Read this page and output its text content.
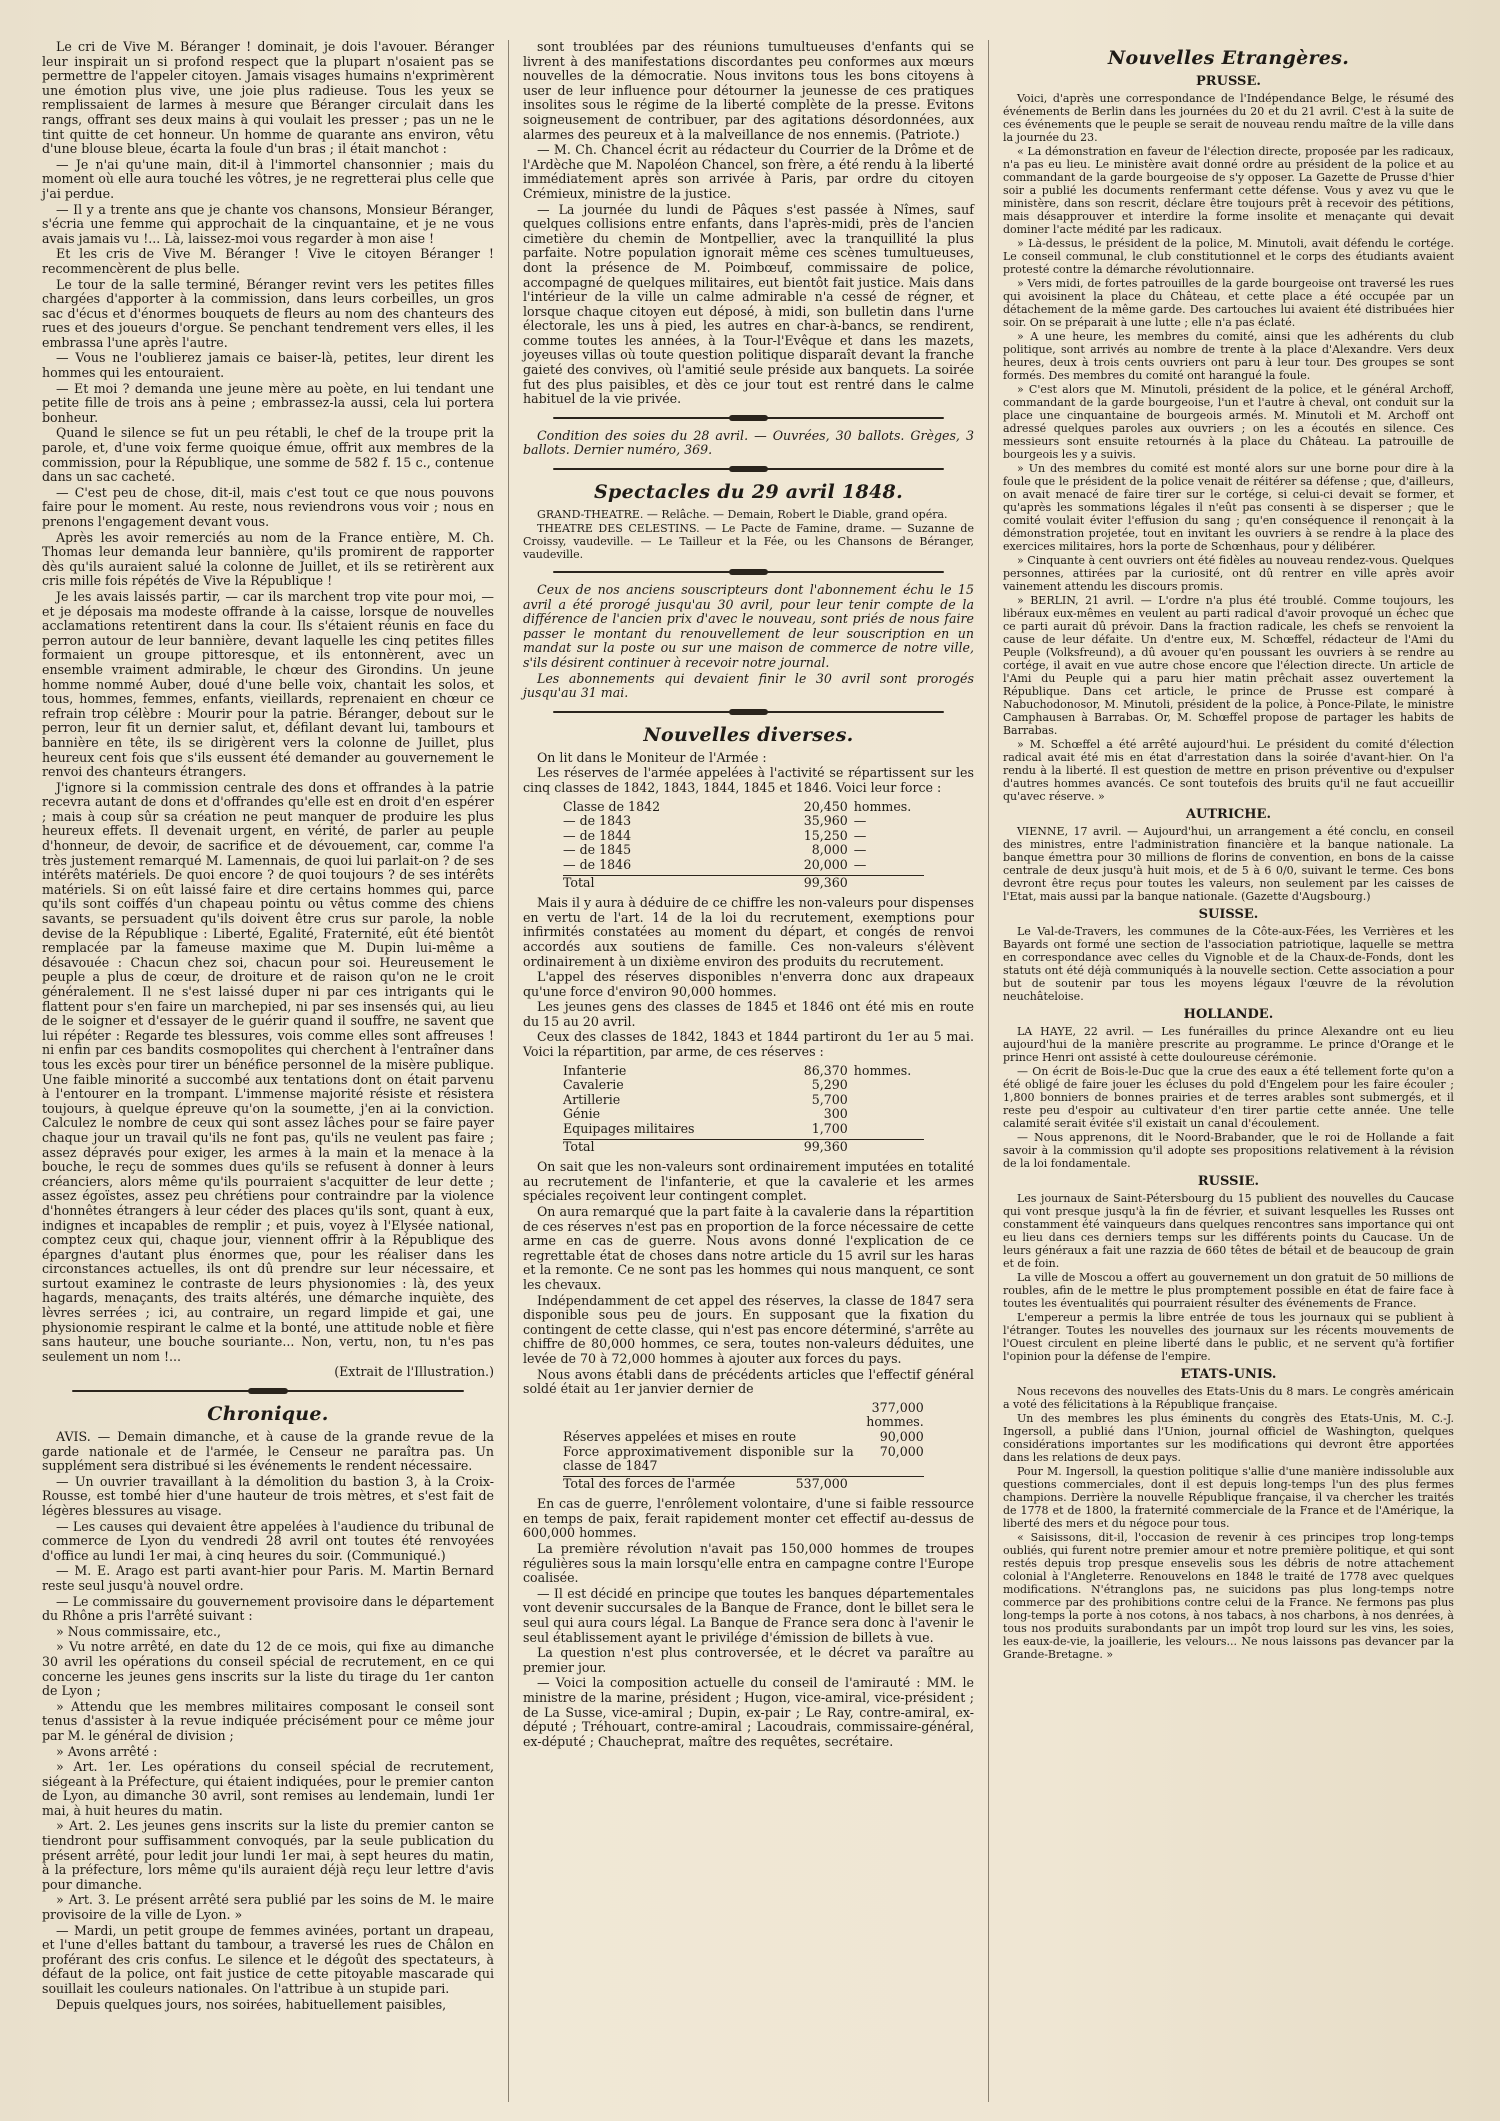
Le cri de Vive M. Béranger ! dominait, je dois l'avouer. Béranger leur inspirait un si profond respect que la plupart n'osaient pas se permettre de l'appeler citoyen. Jamais visages humains n'exprimèrent une émotion plus vive, une joie plus radieuse. Tous les yeux se remplissaient de larmes à mesure que Béranger circulait dans les rangs, offrant ses deux mains à qui voulait les presser ; pas un ne le tint quitte de cet honneur. Un homme de quarante ans environ, vêtu d'une blouse bleue, écarta la foule d'un bras ; il était manchot :

— Je n'ai qu'une main, dit-il à l'immortel chansonnier ; mais du moment où elle aura touché les vôtres, je ne regretterai plus celle que j'ai perdue.

— Il y a trente ans que je chante vos chansons, Monsieur Béranger, s'écria une femme qui approchait de la cinquantaine, et je ne vous avais jamais vu !... Là, laissez-moi vous regarder à mon aise !

Et les cris de Vive M. Béranger ! Vive le citoyen Béranger ! recommencèrent de plus belle.

Le tour de la salle terminé, Béranger revint vers les petites filles chargées d'apporter à la commission, dans leurs corbeilles, un gros sac d'écus et d'énormes bouquets de fleurs au nom des chanteurs des rues et des joueurs d'orgue. Se penchant tendrement vers elles, il les embrassa l'une après l'autre.

— Vous ne l'oublierez jamais ce baiser-là, petites, leur dirent les hommes qui les entouraient.

— Et moi ? demanda une jeune mère au poète, en lui tendant une petite fille de trois ans à peine ; embrassez-la aussi, cela lui portera bonheur.

Quand le silence se fut un peu rétabli, le chef de la troupe prit la parole, et, d'une voix ferme quoique émue, offrit aux membres de la commission, pour la République, une somme de 582 f. 15 c., contenue dans un sac cacheté.

— C'est peu de chose, dit-il, mais c'est tout ce que nous pouvons faire pour le moment. Au reste, nous reviendrons vous voir ; nous en prenons l'engagement devant vous.

Après les avoir remerciés au nom de la France entière, M. Ch. Thomas leur demanda leur bannière, qu'ils promirent de rapporter dès qu'ils auraient salué la colonne de Juillet, et ils se retirèrent aux cris mille fois répétés de Vive la République !

Je les avais laissés partir, — car ils marchent trop vite pour moi, — et je déposais ma modeste offrande à la caisse, lorsque de nouvelles acclamations retentirent dans la cour. Ils s'étaient réunis en face du perron autour de leur bannière, devant laquelle les cinq petites filles formaient un groupe pittoresque, et ils entonnèrent, avec un ensemble vraiment admirable, le chœur des Girondins. Un jeune homme nommé Auber, doué d'une belle voix, chantait les solos, et tous, hommes, femmes, enfants, vieillards, reprenaient en chœur ce refrain trop célèbre : Mourir pour la patrie. Béranger, debout sur le perron, leur fit un dernier salut, et, défilant devant lui, tambours et bannière en tête, ils se dirigèrent vers la colonne de Juillet, plus heureux cent fois que s'ils eussent été demander au gouvernement le renvoi des chanteurs étrangers.

J'ignore si la commission centrale des dons et offrandes à la patrie recevra autant de dons et d'offrandes qu'elle est en droit d'en espérer ; mais à coup sûr sa création ne peut manquer de produire les plus heureux effets. Il devenait urgent, en vérité, de parler au peuple d'honneur, de devoir, de sacrifice et de dévouement, car, comme l'a très justement remarqué M. Lamennais, de quoi lui parlait-on ? de ses intérêts matériels. De quoi encore ? de quoi toujours ? de ses intérêts matériels. Si on eût laissé faire et dire certains hommes qui, parce qu'ils sont coiffés d'un chapeau pointu ou vêtus comme des chiens savants, se persuadent qu'ils doivent être crus sur parole, la noble devise de la République : Liberté, Egalité, Fraternité, eût été bientôt remplacée par la fameuse maxime que M. Dupin lui-même a désavouée : Chacun chez soi, chacun pour soi. Heureusement le peuple a plus de cœur, de droiture et de raison qu'on ne le croit généralement. Il ne s'est laissé duper ni par ces intrigants qui le flattent pour s'en faire un marchepied, ni par ses insensés qui, au lieu de le soigner et d'essayer de le guérir quand il souffre, ne savent que lui répéter : Regarde tes blessures, vois comme elles sont affreuses ! ni enfin par ces bandits cosmopolites qui cherchent à l'entraîner dans tous les excès pour tirer un bénéfice personnel de la misère publique. Une faible minorité a succombé aux tentations dont on était parvenu à l'entourer en la trompant. L'immense majorité résiste et résistera toujours, à quelque épreuve qu'on la soumette, j'en ai la conviction. Calculez le nombre de ceux qui sont assez lâches pour se faire payer chaque jour un travail qu'ils ne font pas, qu'ils ne veulent pas faire ; assez dépravés pour exiger, les armes à la main et la menace à la bouche, le reçu de sommes dues qu'ils se refusent à donner à leurs créanciers, alors même qu'ils pourraient s'acquitter de leur dette ; assez égoïstes, assez peu chrétiens pour contraindre par la violence d'honnêtes étrangers à leur céder des places qu'ils sont, quant à eux, indignes et incapables de remplir ; et puis, voyez à l'Elysée national, comptez ceux qui, chaque jour, viennent offrir à la République des épargnes d'autant plus énormes que, pour les réaliser dans les circonstances actuelles, ils ont dû prendre sur leur nécessaire, et surtout examinez le contraste de leurs physionomies : là, des yeux hagards, menaçants, des traits altérés, une démarche inquiète, des lèvres serrées ; ici, au contraire, un regard limpide et gai, une physionomie respirant le calme et la bonté, une attitude noble et fière sans hauteur, une bouche souriante... Non, vertu, non, tu n'es pas seulement un nom !...

(Extrait de l'Illustration.)

Chronique.

AVIS. — Demain dimanche, et à cause de la grande revue de la garde nationale et de l'armée, le Censeur ne paraîtra pas. Un supplément sera distribué si les événements le rendent nécessaire.

— Un ouvrier travaillant à la démolition du bastion 3, à la Croix-Rousse, est tombé hier d'une hauteur de trois mètres, et s'est fait de légères blessures au visage.

— Les causes qui devaient être appelées à l'audience du tribunal de commerce de Lyon du vendredi 28 avril ont toutes été renvoyées d'office au lundi 1er mai, à cinq heures du soir. (Communiqué.)

— M. E. Arago est parti avant-hier pour Paris. M. Martin Bernard reste seul jusqu'à nouvel ordre.

— Le commissaire du gouvernement provisoire dans le département du Rhône a pris l'arrêté suivant :

» Nous commissaire, etc.,

» Vu notre arrêté, en date du 12 de ce mois, qui fixe au dimanche 30 avril les opérations du conseil spécial de recrutement, en ce qui concerne les jeunes gens inscrits sur la liste du tirage du 1er canton de Lyon ;

» Attendu que les membres militaires composant le conseil sont tenus d'assister à la revue indiquée précisément pour ce même jour par M. le général de division ;

» Avons arrêté :

» Art. 1er. Les opérations du conseil spécial de recrutement, siégeant à la Préfecture, qui étaient indiquées, pour le premier canton de Lyon, au dimanche 30 avril, sont remises au lendemain, lundi 1er mai, à huit heures du matin.

» Art. 2. Les jeunes gens inscrits sur la liste du premier canton se tiendront pour suffisamment convoqués, par la seule publication du présent arrêté, pour ledit jour lundi 1er mai, à sept heures du matin, à la préfecture, lors même qu'ils auraient déjà reçu leur lettre d'avis pour dimanche.

» Art. 3. Le présent arrêté sera publié par les soins de M. le maire provisoire de la ville de Lyon. »

— Mardi, un petit groupe de femmes avinées, portant un drapeau, et l'une d'elles battant du tambour, a traversé les rues de Châlon en proférant des cris confus. Le silence et le dégoût des spectateurs, à défaut de la police, ont fait justice de cette pitoyable mascarade qui souillait les couleurs nationales. On l'attribue à un stupide pari.

Depuis quelques jours, nos soirées, habituellement paisibles,

sont troublées par des réunions tumultueuses d'enfants qui se livrent à des manifestations discordantes peu conformes aux mœurs nouvelles de la démocratie. Nous invitons tous les bons citoyens à user de leur influence pour détourner la jeunesse de ces pratiques insolites sous le régime de la liberté complète de la presse. Evitons soigneusement de contribuer, par des agitations désordonnées, aux alarmes des peureux et à la malveillance de nos ennemis. (Patriote.)

— M. Ch. Chancel écrit au rédacteur du Courrier de la Drôme et de l'Ardèche que M. Napoléon Chancel, son frère, a été rendu à la liberté immédiatement après son arrivée à Paris, par ordre du citoyen Crémieux, ministre de la justice.

— La journée du lundi de Pâques s'est passée à Nîmes, sauf quelques collisions entre enfants, dans l'après-midi, près de l'ancien cimetière du chemin de Montpellier, avec la tranquillité la plus parfaite. Notre population ignorait même ces scènes tumultueuses, dont la présence de M. Poimbœuf, commissaire de police, accompagné de quelques militaires, eut bientôt fait justice. Mais dans l'intérieur de la ville un calme admirable n'a cessé de régner, et lorsque chaque citoyen eut déposé, à midi, son bulletin dans l'urne électorale, les uns à pied, les autres en char-à-bancs, se rendirent, comme toutes les années, à la Tour-l'Evêque et dans les mazets, joyeuses villas où toute question politique disparaît devant la franche gaieté des convives, où l'amitié seule préside aux banquets. La soirée fut des plus paisibles, et dès ce jour tout est rentré dans le calme habituel de la vie privée.

Condition des soies du 28 avril. — Ouvrées, 30 ballots. Grèges, 3 ballots. Dernier numéro, 369.

Spectacles du 29 avril 1848.

GRAND-THEATRE. — Relâche. — Demain, Robert le Diable, grand opéra.

THEATRE DES CELESTINS. — Le Pacte de Famine, drame. — Suzanne de Croissy, vaudeville. — Le Tailleur et la Fée, ou les Chansons de Béranger, vaudeville.

Ceux de nos anciens souscripteurs dont l'abonnement échu le 15 avril a été prorogé jusqu'au 30 avril, pour leur tenir compte de la différence de l'ancien prix d'avec le nouveau, sont priés de nous faire passer le montant du renouvellement de leur souscription en un mandat sur la poste ou sur une maison de commerce de notre ville, s'ils désirent continuer à recevoir notre journal.

Les abonnements qui devaient finir le 30 avril sont prorogés jusqu'au 31 mai.

Nouvelles diverses.

On lit dans le Moniteur de l'Armée :

Les réserves de l'armée appelées à l'activité se répartissent sur les cinq classes de 1842, 1843, 1844, 1845 et 1846. Voici leur force :

Classe de 1842	20,450 hommes.
— de 1843	35,960 —
— de 1844	15,250 —
— de 1845	8,000 —
— de 1846	20,000 —
Total	99,360

Mais il y aura à déduire de ce chiffre les non-valeurs pour dispenses en vertu de l'art. 14 de la loi du recrutement, exemptions pour infirmités constatées au moment du départ, et congés de renvoi accordés aux soutiens de famille. Ces non-valeurs s'élèvent ordinairement à un dixième environ des produits du recrutement.

L'appel des réserves disponibles n'enverra donc aux drapeaux qu'une force d'environ 90,000 hommes.

Les jeunes gens des classes de 1845 et 1846 ont été mis en route du 15 au 20 avril.

Ceux des classes de 1842, 1843 et 1844 partiront du 1er au 5 mai. Voici la répartition, par arme, de ces réserves :

Infanterie	86,370 hommes.
Cavalerie	5,290
Artillerie	5,700
Génie	300
Equipages militaires	1,700
Total	99,360

On sait que les non-valeurs sont ordinairement imputées en totalité au recrutement de l'infanterie, et que la cavalerie et les armes spéciales reçoivent leur contingent complet.

On aura remarqué que la part faite à la cavalerie dans la répartition de ces réserves n'est pas en proportion de la force nécessaire de cette arme en cas de guerre. Nous avons donné l'explication de ce regrettable état de choses dans notre article du 15 avril sur les haras et la remonte. Ce ne sont pas les hommes qui nous manquent, ce sont les chevaux.

Indépendamment de cet appel des réserves, la classe de 1847 sera disponible sous peu de jours. En supposant que la fixation du contingent de cette classe, qui n'est pas encore déterminé, s'arrête au chiffre de 80,000 hommes, ce sera, toutes non-valeurs déduites, une levée de 70 à 72,000 hommes à ajouter aux forces du pays.

Nous avons établi dans de précédents articles que l'effectif général soldé était au 1er janvier dernier de

377,000 hommes.
Réserves appelées et mises en route	90,000
Force approximativement disponible sur la classe de 1847
70,000
Total des forces de l'armée	537,000

En cas de guerre, l'enrôlement volontaire, d'une si faible ressource en temps de paix, ferait rapidement monter cet effectif au-dessus de 600,000 hommes.

La première révolution n'avait pas 150,000 hommes de troupes régulières sous la main lorsqu'elle entra en campagne contre l'Europe coalisée.

— Il est décidé en principe que toutes les banques départementales vont devenir succursales de la Banque de France, dont le billet sera le seul qui aura cours légal. La Banque de France sera donc à l'avenir le seul établissement ayant le privilége d'émission de billets à vue.

La question n'est plus controversée, et le décret va paraître au premier jour.

— Voici la composition actuelle du conseil de l'amirauté : MM. le ministre de la marine, président ; Hugon, vice-amiral, vice-président ; de La Susse, vice-amiral ; Dupin, ex-pair ; Le Ray, contre-amiral, ex-député ; Tréhouart, contre-amiral ; Lacoudrais, commissaire-général, ex-député ; Chaucheprat, maître des requêtes, secrétaire.

Nouvelles Etrangères.
PRUSSE.

Voici, d'après une correspondance de l'Indépendance Belge, le résumé des événements de Berlin dans les journées du 20 et du 21 avril. C'est à la suite de ces événements que le peuple se serait de nouveau rendu maître de la ville dans la journée du 23.

« La démonstration en faveur de l'élection directe, proposée par les radicaux, n'a pas eu lieu. Le ministère avait donné ordre au président de la police et au commandant de la garde bourgeoise de s'y opposer. La Gazette de Prusse d'hier soir a publié les documents renfermant cette défense. Vous y avez vu que le ministère, dans son rescrit, déclare être toujours prêt à recevoir des pétitions, mais désapprouver et interdire la forme insolite et menaçante qui devait dominer l'acte médité par les radicaux.

» Là-dessus, le président de la police, M. Minutoli, avait défendu le cortége. Le conseil communal, le club constitutionnel et le corps des étudiants avaient protesté contre la démarche révolutionnaire.

» Vers midi, de fortes patrouilles de la garde bourgeoise ont traversé les rues qui avoisinent la place du Château, et cette place a été occupée par un détachement de la même garde. Des cartouches lui avaient été distribuées hier soir. On se préparait à une lutte ; elle n'a pas éclaté.

» A une heure, les membres du comité, ainsi que les adhérents du club politique, sont arrivés au nombre de trente à la place d'Alexandre. Vers deux heures, deux à trois cents ouvriers ont paru à leur tour. Des groupes se sont formés. Des membres du comité ont harangué la foule.

» C'est alors que M. Minutoli, président de la police, et le général Archoff, commandant de la garde bourgeoise, l'un et l'autre à cheval, ont conduit sur la place une cinquantaine de bourgeois armés. M. Minutoli et M. Archoff ont adressé quelques paroles aux ouvriers ; on les a écoutés en silence. Ces messieurs sont ensuite retournés à la place du Château. La patrouille de bourgeois les y a suivis.

» Un des membres du comité est monté alors sur une borne pour dire à la foule que le président de la police venait de réitérer sa défense ; que, d'ailleurs, on avait menacé de faire tirer sur le cortége, si celui-ci devait se former, et qu'après les sommations légales il n'eût pas consenti à se disperser ; que le comité voulait éviter l'effusion du sang ; qu'en conséquence il renonçait à la démonstration projetée, tout en invitant les ouvriers à se rendre à la place des exercices militaires, hors la porte de Schœnhaus, pour y délibérer.

» Cinquante à cent ouvriers ont été fidèles au nouveau rendez-vous. Quelques personnes, attirées par la curiosité, ont dû rentrer en ville après avoir vainement attendu les discours promis.

» BERLIN, 21 avril. — L'ordre n'a plus été troublé. Comme toujours, les libéraux eux-mêmes en veulent au parti radical d'avoir provoqué un échec que ce parti aurait dû prévoir. Dans la fraction radicale, les chefs se renvoient la cause de leur défaite. Un d'entre eux, M. Schœffel, rédacteur de l'Ami du Peuple (Volksfreund), a dû avouer qu'en poussant les ouvriers à se rendre au cortége, il avait en vue autre chose encore que l'élection directe. Un article de l'Ami du Peuple qui a paru hier matin prêchait assez ouvertement la République. Dans cet article, le prince de Prusse est comparé à Nabuchodonosor, M. Minutoli, président de la police, à Ponce-Pilate, le ministre Camphausen à Barrabas. Or, M. Schœffel propose de partager les habits de Barrabas.

» M. Schœffel a été arrêté aujourd'hui. Le président du comité d'élection radical avait été mis en état d'arrestation dans la soirée d'avant-hier. On l'a rendu à la liberté. Il est question de mettre en prison préventive ou d'expulser d'autres hommes avancés. Ce sont toutefois des bruits qu'il ne faut accueillir qu'avec réserve. »

AUTRICHE.

VIENNE, 17 avril. — Aujourd'hui, un arrangement a été conclu, en conseil des ministres, entre l'administration financière et la banque nationale. La banque émettra pour 30 millions de florins de convention, en bons de la caisse centrale de deux jusqu'à huit mois, et de 5 à 6 0/0, suivant le terme. Ces bons devront être reçus pour toutes les valeurs, non seulement par les caisses de l'Etat, mais aussi par la banque nationale. (Gazette d'Augsbourg.)

SUISSE.

Le Val-de-Travers, les communes de la Côte-aux-Fées, les Verrières et les Bayards ont formé une section de l'association patriotique, laquelle se mettra en correspondance avec celles du Vignoble et de la Chaux-de-Fonds, dont les statuts ont été déjà communiqués à la nouvelle section. Cette association a pour but de soutenir par tous les moyens légaux l'œuvre de la révolution neuchâteloise.

HOLLANDE.

LA HAYE, 22 avril. — Les funérailles du prince Alexandre ont eu lieu aujourd'hui de la manière prescrite au programme. Le prince d'Orange et le prince Henri ont assisté à cette douloureuse cérémonie.

— On écrit de Bois-le-Duc que la crue des eaux a été tellement forte qu'on a été obligé de faire jouer les écluses du pold d'Engelem pour les faire écouler ; 1,800 bonniers de bonnes prairies et de terres arables sont submergés, et il reste peu d'espoir au cultivateur d'en tirer partie cette année. Une telle calamité serait évitée s'il existait un canal d'écoulement.

— Nous apprenons, dit le Noord-Brabander, que le roi de Hollande a fait savoir à la commission qu'il adopte ses propositions relativement à la révision de la loi fondamentale.

RUSSIE.

Les journaux de Saint-Pétersbourg du 15 publient des nouvelles du Caucase qui vont presque jusqu'à la fin de février, et suivant lesquelles les Russes ont constamment été vainqueurs dans quelques rencontres sans importance qui ont eu lieu dans ces derniers temps sur les différents points du Caucase. Un de leurs généraux a fait une razzia de 660 têtes de bétail et de beaucoup de grain et de foin.

La ville de Moscou a offert au gouvernement un don gratuit de 50 millions de roubles, afin de le mettre le plus promptement possible en état de faire face à toutes les éventualités qui pourraient résulter des événements de France.

L'empereur a permis la libre entrée de tous les journaux qui se publient à l'étranger. Toutes les nouvelles des journaux sur les récents mouvements de l'Ouest circulent en pleine liberté dans le public, et ne servent qu'à fortifier l'opinion pour la défense de l'empire.

ETATS-UNIS.

Nous recevons des nouvelles des Etats-Unis du 8 mars. Le congrès américain a voté des félicitations à la République française.

Un des membres les plus éminents du congrès des Etats-Unis, M. C.-J. Ingersoll, a publié dans l'Union, journal officiel de Washington, quelques considérations importantes sur les modifications qui devront être apportées dans les relations de deux pays.

Pour M. Ingersoll, la question politique s'allie d'une manière indissoluble aux questions commerciales, dont il est depuis long-temps l'un des plus fermes champions. Derrière la nouvelle République française, il va chercher les traités de 1778 et de 1800, la fraternité commerciale de la France et de l'Amérique, la liberté des mers et du négoce pour tous.

« Saisissons, dit-il, l'occasion de revenir à ces principes trop long-temps oubliés, qui furent notre premier amour et notre première politique, et qui sont restés depuis trop presque ensevelis sous les débris de notre attachement colonial à l'Angleterre. Renouvelons en 1848 le traité de 1778 avec quelques modifications. N'étranglons pas, ne suicidons pas plus long-temps notre commerce par des prohibitions contre celui de la France. Ne fermons pas plus long-temps la porte à nos cotons, à nos tabacs, à nos charbons, à nos denrées, à tous nos produits surabondants par un impôt trop lourd sur les vins, les soies, les eaux-de-vie, la joaillerie, les velours... Ne nous laissons pas devancer par la Grande-Bretagne. »
